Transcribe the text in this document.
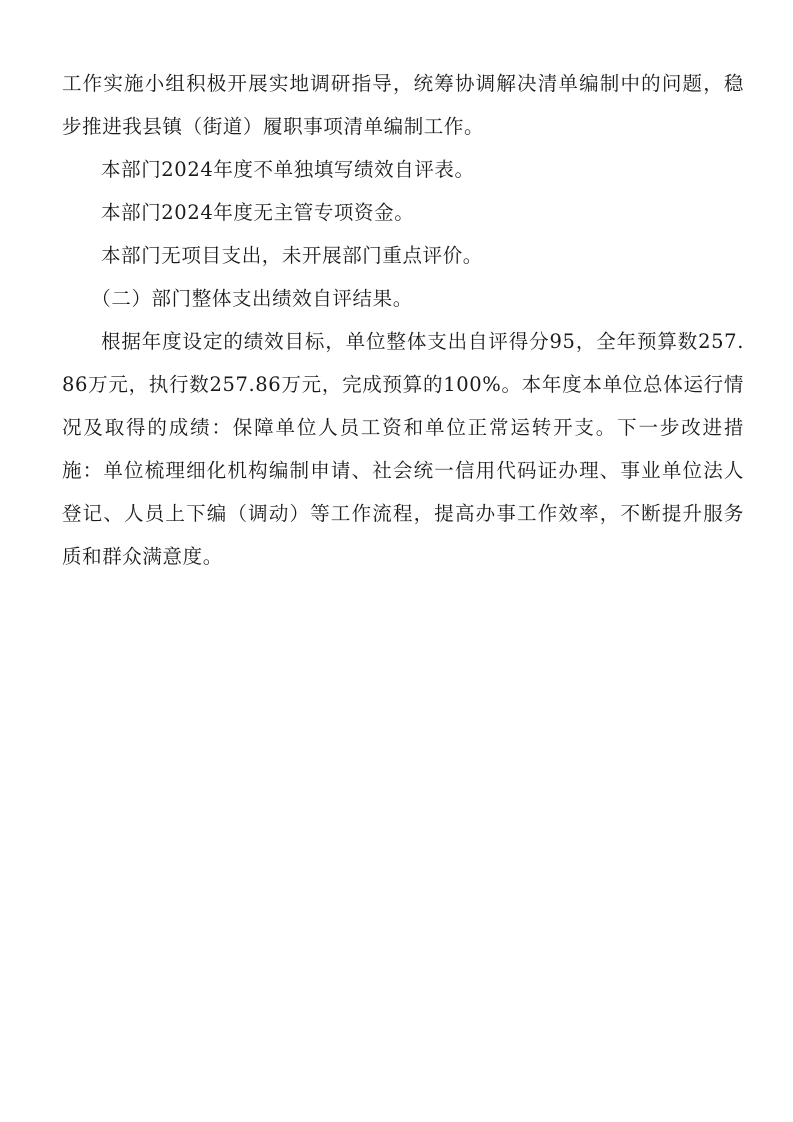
工作实施小组积极开展实地调研指导，统筹协调解决清单编制中的问题，稳步推进我县镇（街道）履职事项清单编制工作。

本部门2024年度不单独填写绩效自评表。

本部门2024年度无主管专项资金。

本部门无项目支出，未开展部门重点评价。

（二）部门整体支出绩效自评结果。

根据年度设定的绩效目标，单位整体支出自评得分95，全年预算数257.86万元，执行数257.86万元，完成预算的100%。本年度本单位总体运行情况及取得的成绩：保障单位人员工资和单位正常运转开支。下一步改进措施：单位梳理细化机构编制申请、社会统一信用代码证办理、事业单位法人登记、人员上下编（调动）等工作流程，提高办事工作效率，不断提升服务质和群众满意度。
